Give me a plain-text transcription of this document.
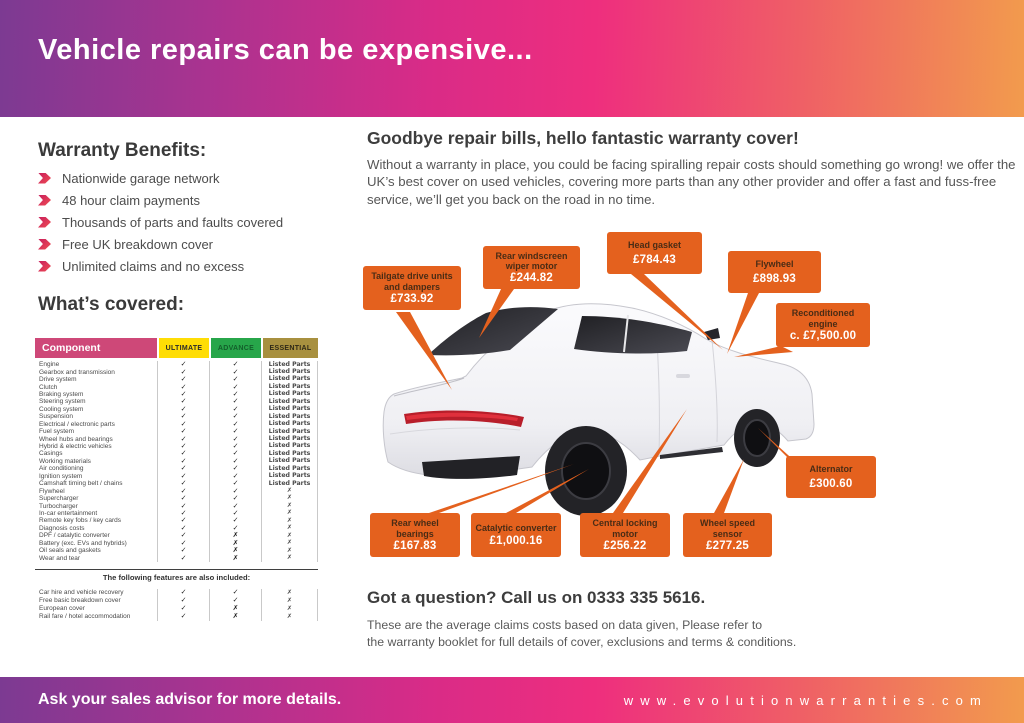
Vehicle repairs can be expensive...
Warranty Benefits:
Nationwide garage network
48 hour claim payments
Thousands of parts and faults covered
Free UK breakdown cover
Unlimited claims and no excess
What’s covered:
Component	ULTIMATE	ADVANCE	ESSENTIAL
Engine	✓	✓	Listed Parts
Gearbox and transmission	✓	✓	Listed Parts
Drive system	✓	✓	Listed Parts
Clutch	✓	✓	Listed Parts
Braking system	✓	✓	Listed Parts
Steering system	✓	✓	Listed Parts
Cooling system	✓	✓	Listed Parts
Suspension	✓	✓	Listed Parts
Electrical / electronic parts	✓	✓	Listed Parts
Fuel system	✓	✓	Listed Parts
Wheel hubs and bearings	✓	✓	Listed Parts
Hybrid & electric vehicles	✓	✓	Listed Parts
Casings	✓	✓	Listed Parts
Working materials	✓	✓	Listed Parts
Air conditioning	✓	✓	Listed Parts
Ignition system	✓	✓	Listed Parts
Camshaft timing belt / chains	✓	✓	Listed Parts
Flywheel	✓	✓	✗
Supercharger	✓	✓	✗
Turbocharger	✓	✓	✗
In-car entertainment	✓	✓	✗
Remote key fobs / key cards	✓	✓	✗
Diagnosis costs	✓	✓	✗
DPF / catalytic converter	✓	✗	✗
Battery (exc. EVs and hybrids)	✓	✗	✗
Oil seals and gaskets	✓	✗	✗
Wear and tear	✓	✗	✗
The following features are also included:
Car hire and vehicle recovery	✓	✓	✗
Free basic breakdown cover	✓	✓	✗
European cover	✓	✗	✗
Rail fare / hotel accommodation	✓	✗	✗
Goodbye repair bills, hello fantastic warranty cover!

Without a warranty in place, you could be facing spiralling repair costs should something go wrong! we offer the UK’s best cover on used vehicles, covering more parts than any other provider and offer a fast and fuss-free service, we’ll get you back on the road in no time.

Tailgate drive units and dampers
£733.92
Rear windscreen wiper motor
£244.82
Head gasket
£784.43	Flywheel
£898.93
Reconditioned engine
c. £7,500.00
Alternator
£300.60
Wheel speed sensor
£277.25
Central locking motor
£256.22
Catalytic converter
£1,000.16
Rear wheel bearings
£167.83
Got a question? Call us on 0333 335 5616.

These are the average claims costs based on data given, Please refer to
the warranty booklet for full details of cover, exclusions and terms & conditions.

Ask your sales advisor for more details.	www.evolutionwarranties.com
